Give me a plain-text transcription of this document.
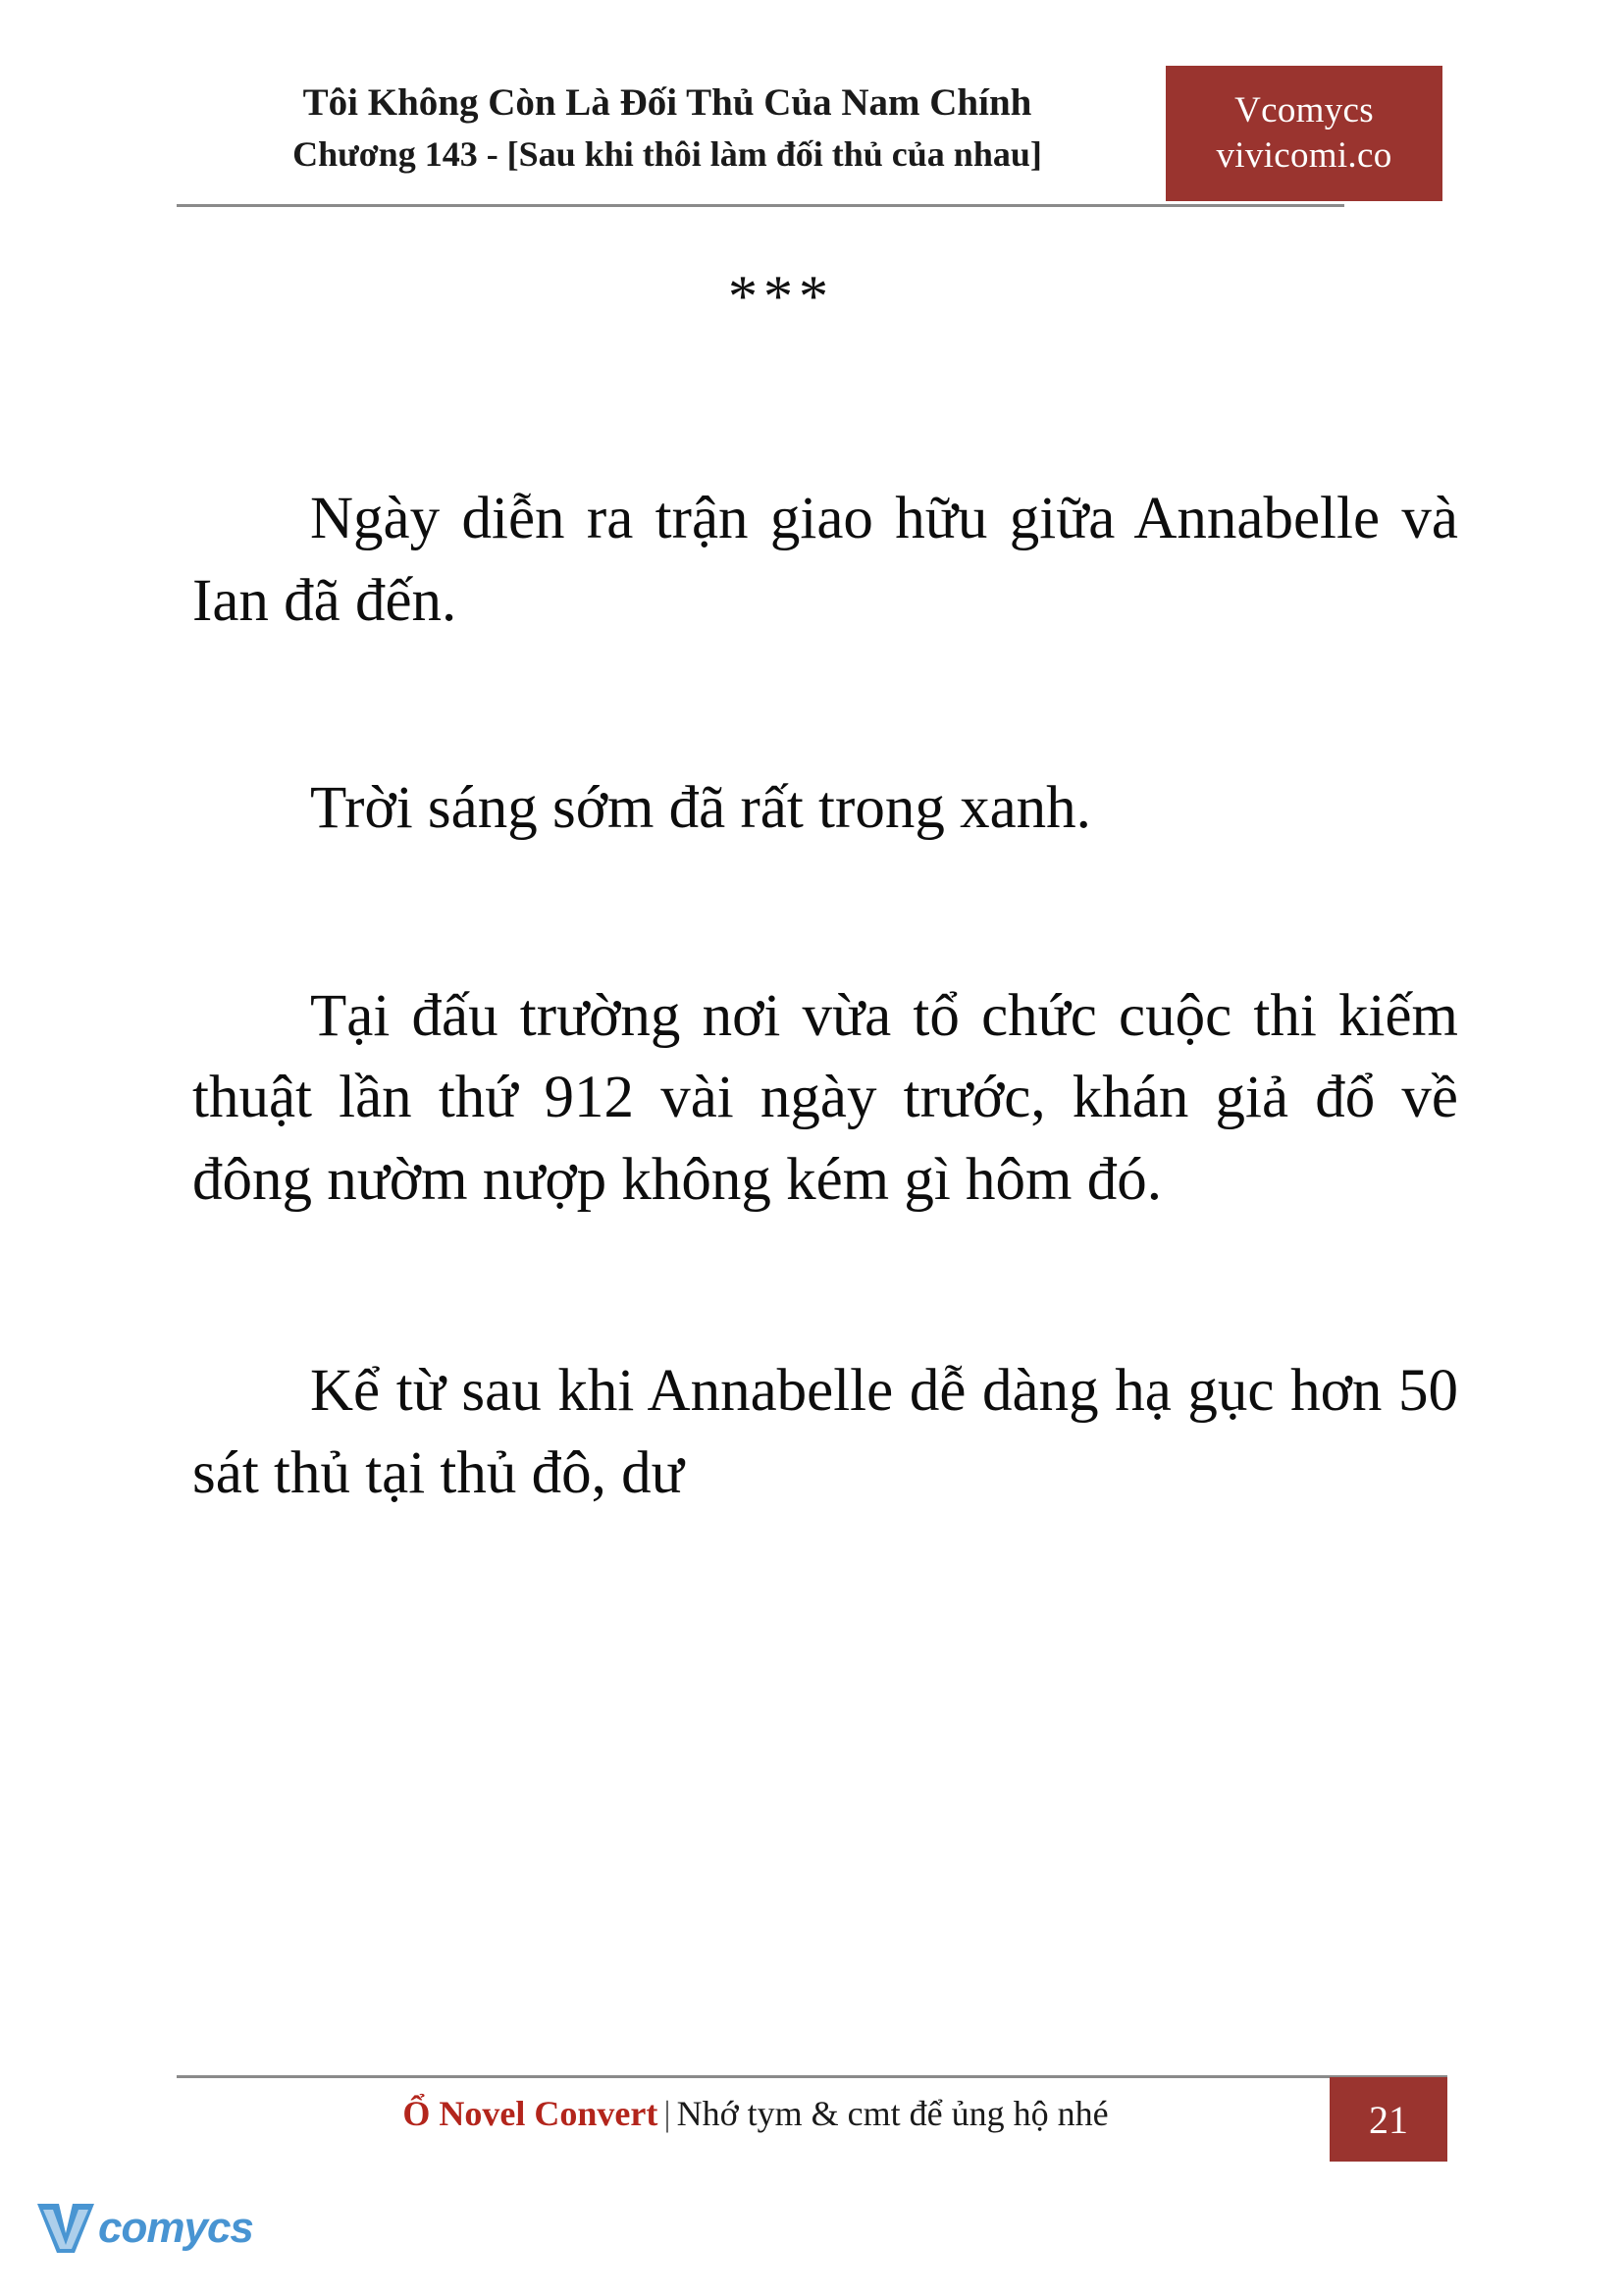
Tôi Không Còn Là Đối Thủ Của Nam Chính
Chương 143 - [Sau khi thôi làm đối thủ của nhau]
Vcomycs
vivicomi.co
***

Ngày diễn ra trận giao hữu giữa Annabelle và Ian đã đến.

Trời sáng sớm đã rất trong xanh.

Tại đấu trường nơi vừa tổ chức cuộc thi kiếm thuật lần thứ 912 vài ngày trước, khán giả đổ về đông nườm nượp không kém gì hôm đó.

Kể từ sau khi Annabelle dễ dàng hạ gục hơn 50 sát thủ tại thủ đô, dư

Ổ Novel Convert | Nhớ tym & cmt để ủng hộ nhé	21
comycs
